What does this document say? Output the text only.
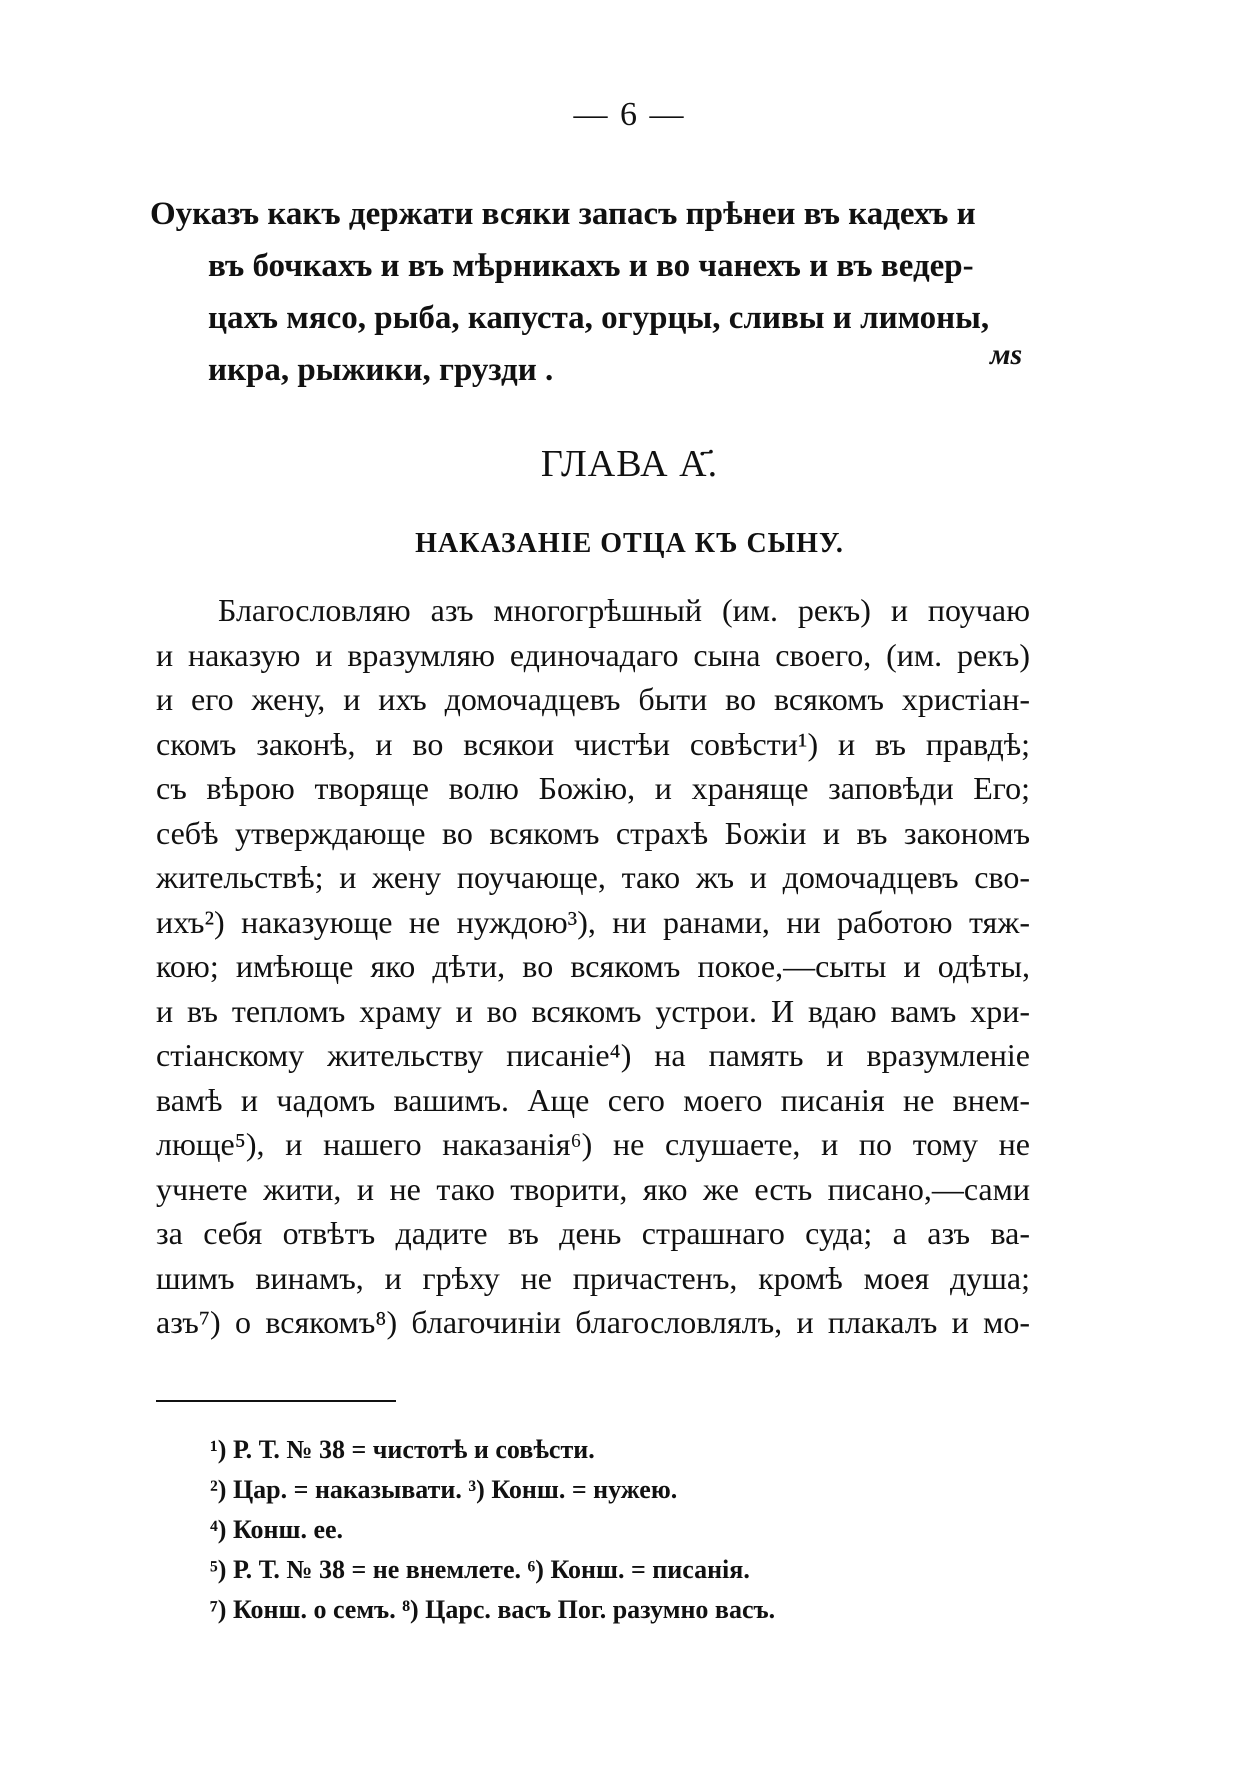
— 6 —
Оуказъ какъ держати всяки запасъ прѣнеи въ кадехъ и
въ бочкахъ и въ мѣрникахъ и во чанехъ и въ ведер-
цахъ мясо, рыба, капуста, огурцы, сливы и лимоны,
икра, рыжики, грузди .	мѕ
ГЛАВА А҃.
НАКАЗАНІЕ ОТЦА КЪ СЫНУ.
Благословляю азъ многогрѣшный (им. рекъ) и поучаю
и наказую и вразумляю единочадаго сына своего, (им. рекъ)
и его жену, и ихъ домочадцевъ быти во всякомъ христіан-
скомъ законѣ, и во всякои чистѣи совѣсти¹) и въ правдѣ;
съ вѣрою творяще волю Божію, и храняще заповѣди Его;
себѣ утверждающе во всякомъ страхѣ Божіи и въ закономъ
жительствѣ; и жену поучающе, тако жъ и домочадцевъ сво-
ихъ²) наказующе не нуждою³), ни ранами, ни работою тяж-
кою; имѣюще яко дѣти, во всякомъ покое,—сыты и одѣты,
и въ тепломъ храму и во всякомъ устрои. И вдаю вамъ хри-
стіанскому жительству писаніе⁴) на память и вразумленіе
вамѣ и чадомъ вашимъ. Аще сего моего писанія не внем-
люще⁵), и нашего наказанія⁶) не слушаете, и по тому не
учнете жити, и не тако творити, яко же есть писано,—сами
за себя отвѣтъ дадите въ день страшнаго суда; а азъ ва-
шимъ винамъ, и грѣху не причастенъ, кромѣ моея душа;
азъ⁷) о всякомъ⁸) благочиніи благословлялъ, и плакалъ и мо-
¹) Р. Т. № 38 = чистотѣ и совѣсти.
²) Цар. = наказывати. ³) Конш. = нужею.
⁴) Конш. ее.
⁵) Р. Т. № 38 = не внемлете. ⁶) Конш. = писанія.
⁷) Конш. о семъ. ⁸) Царс. васъ Пог. разумно васъ.
